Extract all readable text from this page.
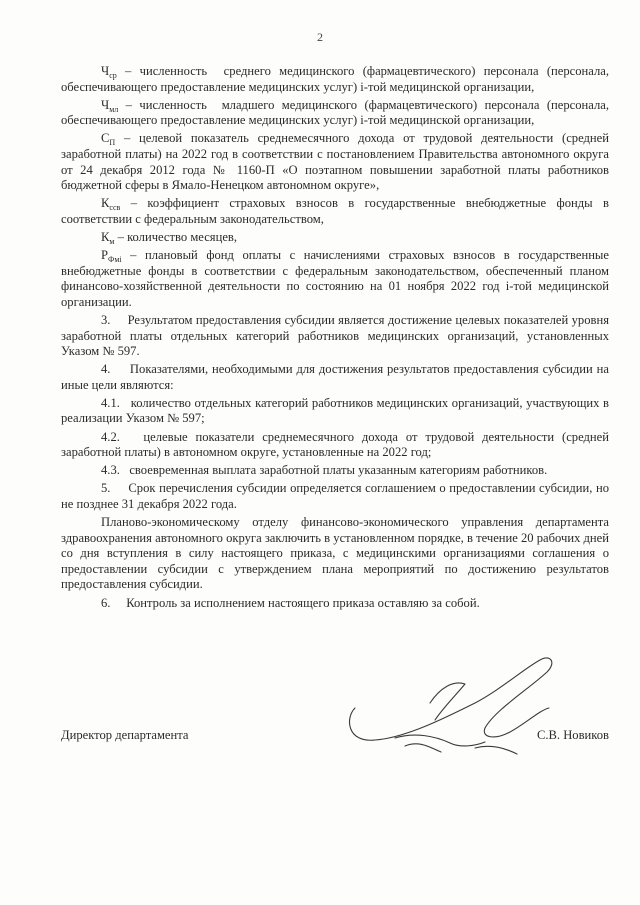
2

$Ч_{ср}$ – численность  среднего медицинского (фармацевтического) персонала (персонала, обеспечивающего предоставление медицинских услуг) i-той медицинской организации,

$Ч_{мл}$ – численность  младшего медицинского (фармацевтического) персонала (персонала, обеспечивающего предоставление медицинских услуг) i-той медицинской организации,

$С_П$ – целевой показатель среднемесячного дохода от трудовой деятельности (средней заработной платы) на 2022 год в соответствии с постановлением Правительства автономного округа от 24 декабря 2012 года № 1160-П «О поэтапном повышении заработной платы работников бюджетной сферы в Ямало-Ненецком автономном округе»,

$К_{ссв}$ – коэффициент страховых взносов в государственные внебюджетные фонды в соответствии с федеральным законодательством,

$К_м$ – количество месяцев,

$Р_{Фмi}$ – плановый фонд оплаты с начислениями страховых взносов в государственные внебюджетные фонды в соответствии с федеральным законодательством, обеспеченный планом финансово-хозяйственной деятельности по состоянию на 01 ноября 2022 год i-той медицинской организации.

3.     Результатом предоставления субсидии является достижение целевых показателей уровня заработной платы отдельных категорий работников медицинских организаций, установленных Указом № 597.

4.     Показателями, необходимыми для достижения результатов предоставления субсидии на иные цели являются:

4.1.   количество отдельных категорий работников медицинских организаций, участвующих в реализации Указом № 597;

4.2.   целевые показатели среднемесячного дохода от трудовой деятельности (средней заработной платы) в автономном округе, установленные на 2022 год;

4.3.   своевременная выплата заработной платы указанным категориям работников.

5.     Срок перечисления субсидии определяется соглашением о предоставлении субсидии, но не позднее 31 декабря 2022 года.

Планово-экономическому отделу финансово-экономического управления департамента здравоохранения автономного округа заключить в установленном порядке, в течение 20 рабочих дней со дня вступления в силу настоящего приказа, с медицинскими организациями соглашения о предоставлении субсидии с утверждением плана мероприятий по достижению результатов предоставления субсидии.

6.     Контроль за исполнением настоящего приказа оставляю за собой.

Директор департамента	С.В. Новиков
